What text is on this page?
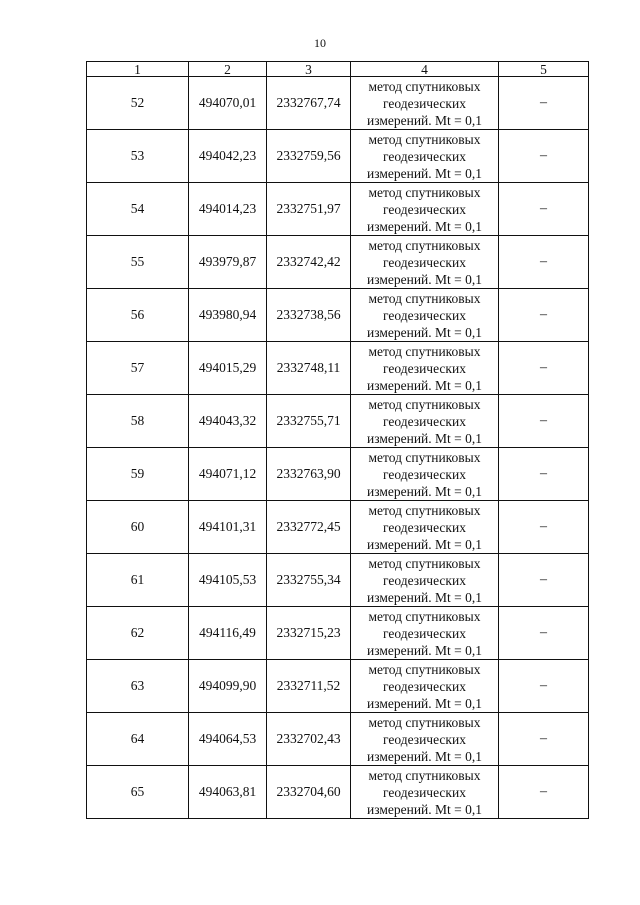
10
1	2	3	4	5
52	494070,01	2332767,74	метод спутниковых
геодезических
измерений. Mt = 0,1	–
53	494042,23	2332759,56	метод спутниковых
геодезических
измерений. Mt = 0,1	–
54	494014,23	2332751,97	метод спутниковых
геодезических
измерений. Mt = 0,1	–
55	493979,87	2332742,42	метод спутниковых
геодезических
измерений. Mt = 0,1	–
56	493980,94	2332738,56	метод спутниковых
геодезических
измерений. Mt = 0,1	–
57	494015,29	2332748,11	метод спутниковых
геодезических
измерений. Mt = 0,1	–
58	494043,32	2332755,71	метод спутниковых
геодезических
измерений. Mt = 0,1	–
59	494071,12	2332763,90	метод спутниковых
геодезических
измерений. Mt = 0,1	–
60	494101,31	2332772,45	метод спутниковых
геодезических
измерений. Mt = 0,1	–
61	494105,53	2332755,34	метод спутниковых
геодезических
измерений. Mt = 0,1	–
62	494116,49	2332715,23	метод спутниковых
геодезических
измерений. Mt = 0,1	–
63	494099,90	2332711,52	метод спутниковых
геодезических
измерений. Mt = 0,1	–
64	494064,53	2332702,43	метод спутниковых
геодезических
измерений. Mt = 0,1	–
65	494063,81	2332704,60	метод спутниковых
геодезических
измерений. Mt = 0,1	–
